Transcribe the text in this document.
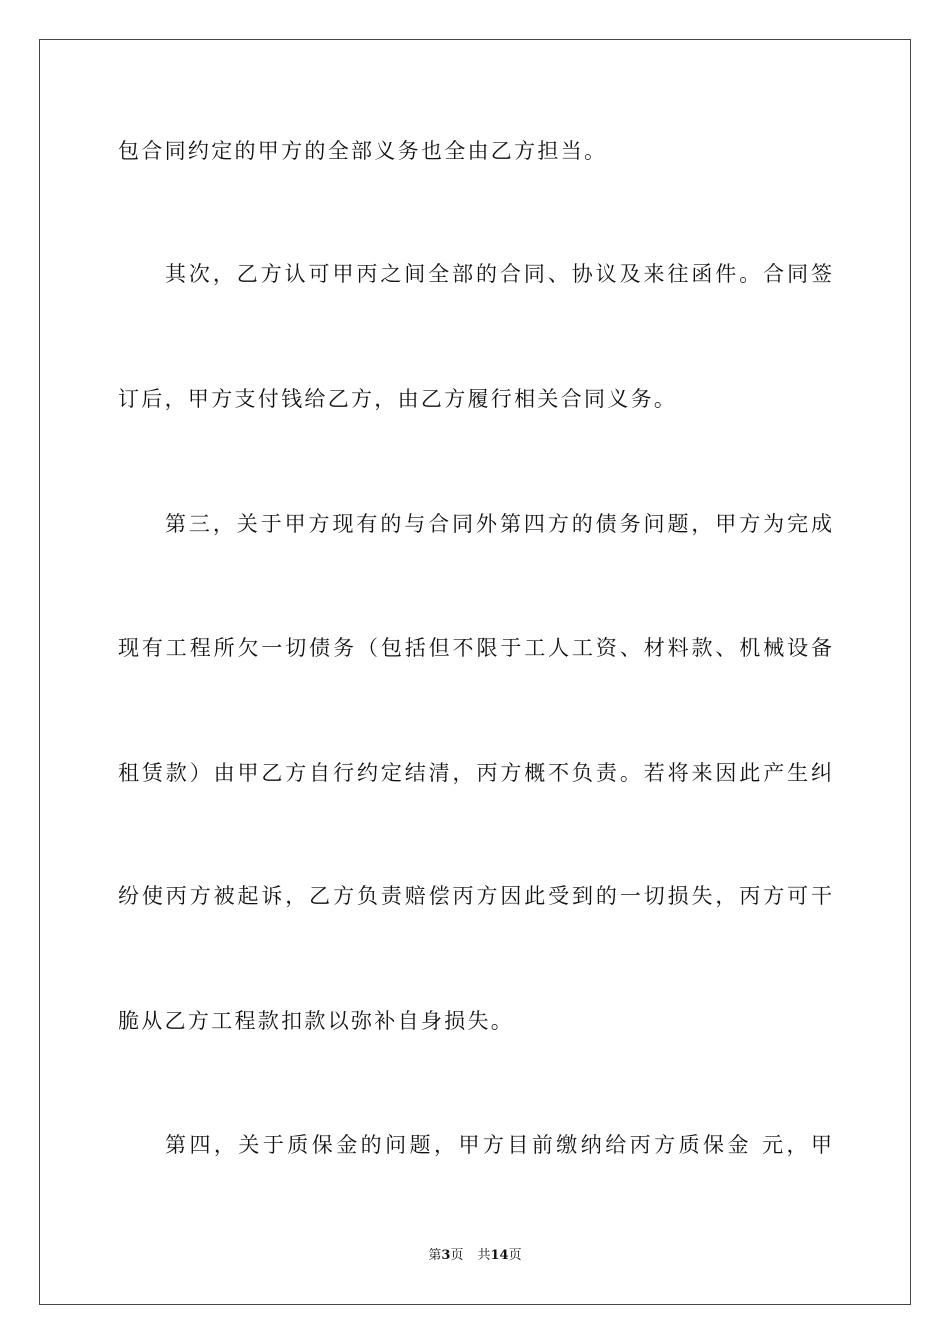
包合同约定的甲方的全部义务也全由乙方担当。
其次，乙方认可甲丙之间全部的合同、协议及来往函件。合同签
订后，甲方支付钱给乙方，由乙方履行相关合同义务。
第三，关于甲方现有的与合同外第四方的债务问题，甲方为完成
现有工程所欠一切债务（包括但不限于工人工资、材料款、机械设备
租赁款）由甲乙方自行约定结清，丙方概不负责。若将来因此产生纠
纷使丙方被起诉，乙方负责赔偿丙方因此受到的一切损失，丙方可干
脆从乙方工程款扣款以弥补自身损失。
第四，关于质保金的问题，甲方目前缴纳给丙方质保金 元，甲
第3页 共14页
